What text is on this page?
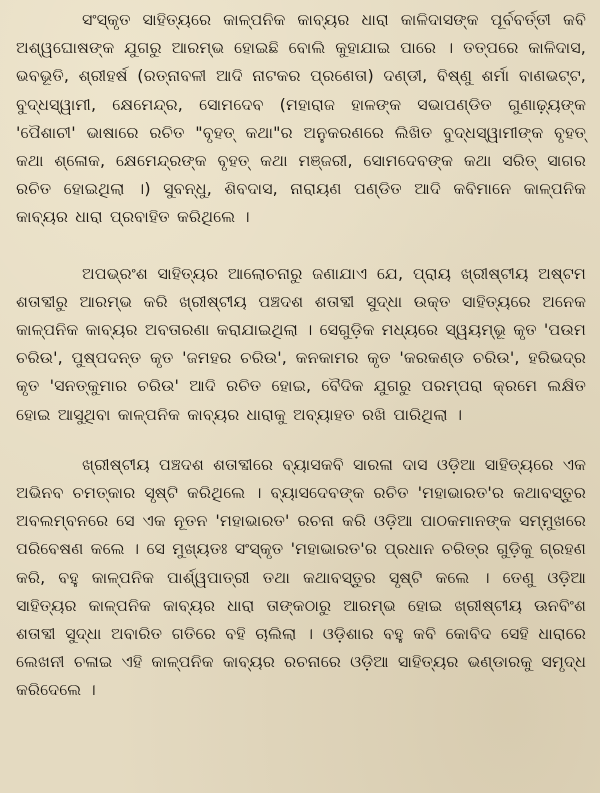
ସଂସ୍କୃତ ସାହିତ୍ୟରେ କାଳ୍ପନିକ କାବ୍ୟର ଧାରା କାଳିଦାସଙ୍କ ପୂର୍ବବର୍ତ୍ତୀ କବି ଅଶ୍ୱଘୋଷଙ୍କ ଯୁଗରୁ ଆରମ୍ଭ ହୋଇଛି ବୋଲି କୁହାଯାଇ ପାରେ । ତତ୍ପରେ କାଳିଦାସ, ଭବଭୂତି, ଶ୍ରୀହର୍ଷ (ରତ୍ନାବଳୀ ଆଦି ନାଟକର ପ୍ରଣେତା) ଦଣ୍ଡୀ, ବିଷ୍ଣୁ ଶର୍ମା ବାଣଭଟ୍ଟ, ବୁଦ୍ଧସ୍ୱାମୀ, କ୍ଷେମେନ୍ଦ୍ର, ସୋମଦେବ (ମହାରାଜ ହାଳଙ୍କ ସଭାପଣ୍ଡିତ ଗୁଣାଢ଼୍ୟଙ୍କ 'ପୈଶାଚୀ' ଭାଷାରେ ରଚିତ "ବୃହତ୍ କଥା"ର ଅନୁକରଣରେ ଲିଖିତ ବୁଦ୍ଧସ୍ୱାମୀଙ୍କ ବୃହତ୍ କଥା ଶ୍ଳୋକ, କ୍ଷେମେନ୍ଦ୍ରଙ୍କ ବୃହତ୍ କଥା ମଞ୍ଜରୀ, ସୋମଦେବଙ୍କ କଥା ସରିତ୍ ସାଗର ରଚିତ ହୋଇଥିଲା ।) ସୁବନ୍ଧୁ, ଶିବଦାସ, ନାରାୟଣ ପଣ୍ଡିତ ଆଦି କବିମାନେ କାଳ୍ପନିକ କାବ୍ୟର ଧାରା ପ୍ରବାହିତ କରିଥିଲେ ।

ଅପଭ୍ରଂଶ ସାହିତ୍ୟର ଆଲୋଚନାରୁ ଜଣାଯାଏ ଯେ, ପ୍ରାୟ ଖ୍ରୀଷ୍ଟୀୟ ଅଷ୍ଟମ ଶତାବ୍ଦୀରୁ ଆରମ୍ଭ କରି ଖ୍ରୀଷ୍ଟୀୟ ପଞ୍ଚଦଶ ଶତାବ୍ଦୀ ସୁଦ୍ଧା ଉକ୍ତ ସାହିତ୍ୟରେ ଅନେକ କାଳ୍ପନିକ କାବ୍ୟର ଅବତାରଣା କରାଯାଇଥିଲା । ସେଗୁଡ଼ିକ ମଧ୍ୟରେ ସ୍ୱୟମ୍ଭୂ କୃତ 'ପଉମ ଚରିଉ', ପୁଷ୍ପଦନ୍ତ କୃତ 'ଜମହର ଚରିଉ', କନକାମର କୃତ 'କରକଣ୍ଡ ଚରିଉ', ହରିଭଦ୍ର କୃତ 'ସନତ୍କୁମାର ଚରିଉ' ଆଦି ରଚିତ ହୋଇ, ବୈଦିକ ଯୁଗରୁ ପରମ୍ପରା କ୍ରମେ ଲକ୍ଷିତ ହୋଇ ଆସୁଥିବା କାଳ୍ପନିକ କାବ୍ୟର ଧାରାକୁ ଅବ୍ୟାହତ ରଖି ପାରିଥିଲା ।

ଖ୍ରୀଷ୍ଟୀୟ ପଞ୍ଚଦଶ ଶତାବ୍ଦୀରେ ବ୍ୟାସକବି ସାରଳା ଦାସ ଓଡ଼ିଆ ସାହିତ୍ୟରେ ଏକ ଅଭିନବ ଚମତ୍କାର ସୃଷ୍ଟି କରିଥିଲେ । ବ୍ୟାସଦେବଙ୍କ ରଚିତ 'ମହାଭାରତ'ର କଥାବସ୍ତୁର ଅବଲମ୍ବନରେ ସେ ଏକ ନୂତନ 'ମହାଭାରତ' ରଚନା କରି ଓଡ଼ିଆ ପାଠକମାନଙ୍କ ସମ୍ମୁଖରେ ପରିବେଷଣ କଲେ । ସେ ମୁଖ୍ୟତଃ ସଂସ୍କୃତ 'ମହାଭାରତ'ର ପ୍ରଧାନ ଚରିତ୍ର ଗୁଡ଼ିକୁ ଗ୍ରହଣ କରି, ବହୁ କାଳ୍ପନିକ ପାର୍ଶ୍ୱପାତ୍ରୀ ତଥା କଥାବସ୍ତୁର ସୃଷ୍ଟି କଲେ । ତେଣୁ ଓଡ଼ିଆ ସାହିତ୍ୟର କାଳ୍ପନିକ କାବ୍ୟର ଧାରା ତାଙ୍କଠାରୁ ଆରମ୍ଭ ହୋଇ ଖ୍ରୀଷ୍ଟୀୟ ଊନବିଂଶ ଶତାବ୍ଦୀ ସୁଦ୍ଧା ଅବାରିତ ଗତିରେ ବହି ଚାଲିଲା । ଓଡ଼ିଶାର ବହୁ କବି କୋବିଦ ସେହି ଧାରାରେ ଲେଖନୀ ଚଳାଇ ଏହି କାଳ୍ପନିକ କାବ୍ୟର ରଚନାରେ ଓଡ଼ିଆ ସାହିତ୍ୟର ଭଣ୍ଡାରକୁ ସମୃଦ୍ଧ କରିଦେଲେ ।
